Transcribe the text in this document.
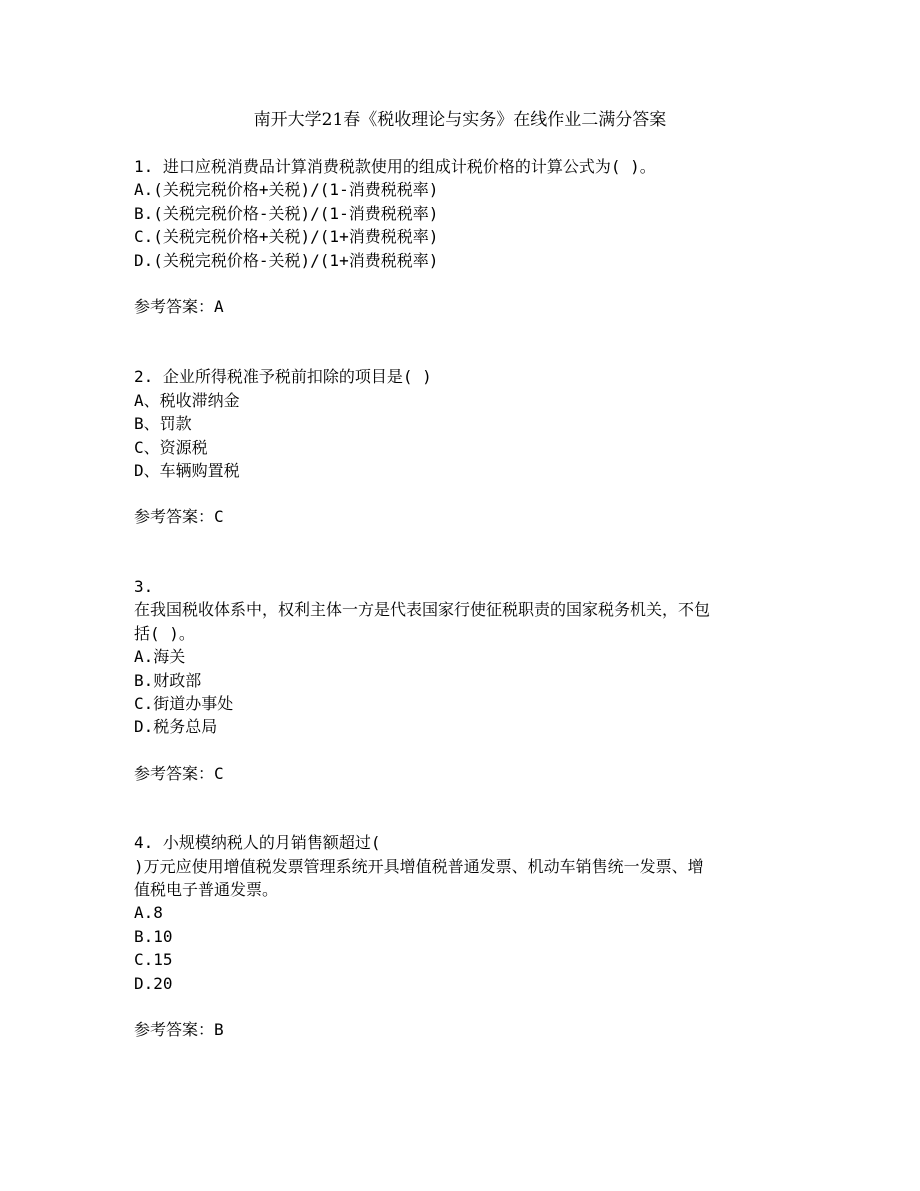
南开大学21春《税收理论与实务》在线作业二满分答案
1. 进口应税消费品计算消费税款使用的组成计税价格的计算公式为( )。
A.(关税完税价格+关税)/(1-消费税税率)
B.(关税完税价格-关税)/(1-消费税税率)
C.(关税完税价格+关税)/(1+消费税税率)
D.(关税完税价格-关税)/(1+消费税税率)
参考答案：A
2. 企业所得税准予税前扣除的项目是( )
A、税收滞纳金
B、罚款
C、资源税
D、车辆购置税
参考答案：C
3.
在我国税收体系中，权利主体一方是代表国家行使征税职责的国家税务机关，不包
括( )。
A.海关
B.财政部
C.街道办事处
D.税务总局
参考答案：C
4. 小规模纳税人的月销售额超过(
)万元应使用增值税发票管理系统开具增值税普通发票、机动车销售统一发票、增
值税电子普通发票。
A.8
B.10
C.15
D.20
参考答案：B
